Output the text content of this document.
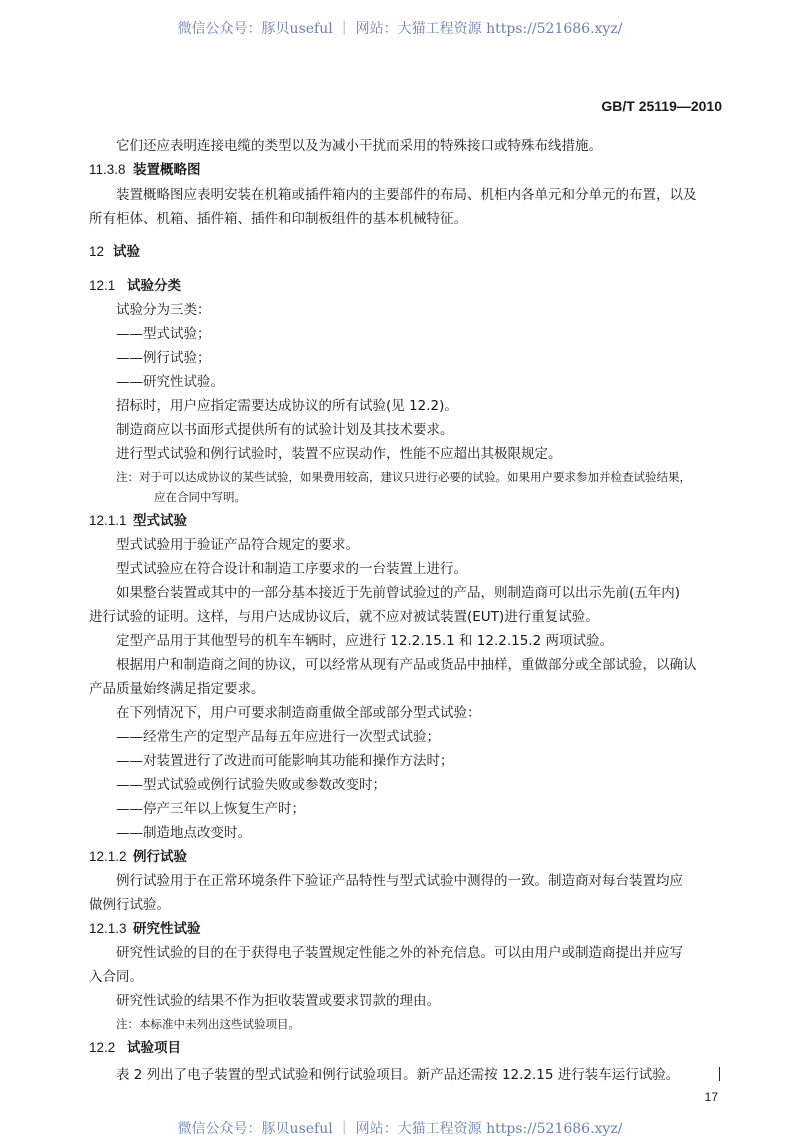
微信公众号：豚贝useful ｜ 网站：大猫工程资源 https://521686.xyz/
GB/T 25119—2010
它们还应表明连接电缆的类型以及为减小干扰而采用的特殊接口或特殊布线措施。
11.3.8 装置概略图
装置概略图应表明安装在机箱或插件箱内的主要部件的布局、机柜内各单元和分单元的布置，以及
所有柜体、机箱、插件箱、插件和印制板组件的基本机械特征。
12 试验
12.1 试验分类
试验分为三类：
——型式试验；
——例行试验；
——研究性试验。
招标时，用户应指定需要达成协议的所有试验(见 12.2)。
制造商应以书面形式提供所有的试验计划及其技术要求。
进行型式试验和例行试验时，装置不应误动作，性能不应超出其极限规定。
注：对于可以达成协议的某些试验，如果费用较高，建议只进行必要的试验。如果用户要求参加并检查试验结果，
应在合同中写明。
12.1.1 型式试验
型式试验用于验证产品符合规定的要求。
型式试验应在符合设计和制造工序要求的一台装置上进行。
如果整台装置或其中的一部分基本接近于先前曾试验过的产品，则制造商可以出示先前(五年内)
进行试验的证明。这样，与用户达成协议后，就不应对被试装置(EUT)进行重复试验。
定型产品用于其他型号的机车车辆时，应进行 12.2.15.1 和 12.2.15.2 两项试验。
根据用户和制造商之间的协议，可以经常从现有产品或货品中抽样，重做部分或全部试验，以确认
产品质量始终满足指定要求。
在下列情况下，用户可要求制造商重做全部或部分型式试验：
——经常生产的定型产品每五年应进行一次型式试验；
——对装置进行了改进而可能影响其功能和操作方法时；
——型式试验或例行试验失败或参数改变时；
——停产三年以上恢复生产时；
——制造地点改变时。
12.1.2 例行试验
例行试验用于在正常环境条件下验证产品特性与型式试验中测得的一致。制造商对每台装置均应
做例行试验。
12.1.3 研究性试验
研究性试验的目的在于获得电子装置规定性能之外的补充信息。可以由用户或制造商提出并应写
入合同。
研究性试验的结果不作为拒收装置或要求罚款的理由。
注：本标准中未列出这些试验项目。
12.2 试验项目
表 2 列出了电子装置的型式试验和例行试验项目。新产品还需按 12.2.15 进行装车运行试验。
17
微信公众号：豚贝useful ｜ 网站：大猫工程资源 https://521686.xyz/
